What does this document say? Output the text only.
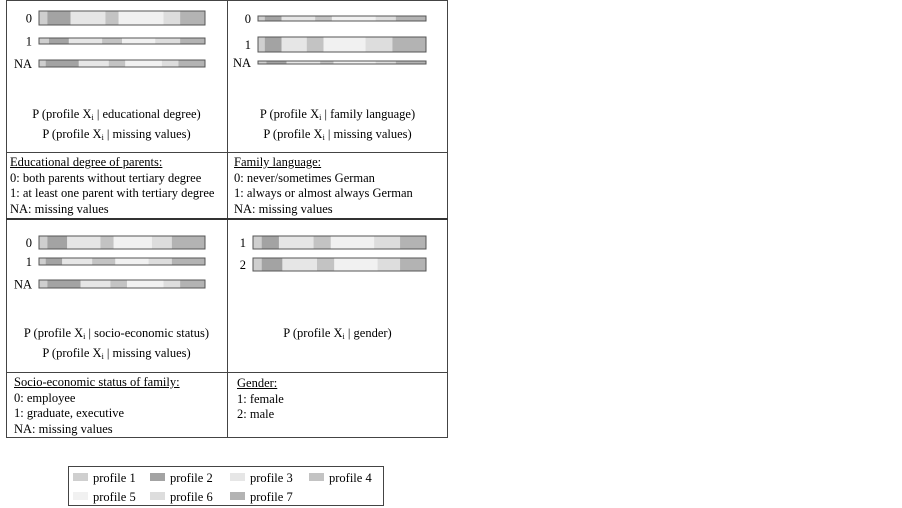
0
1
NA
P (profile $X_i$ | educational degree)
P (profile $X_i$ | missing values)
Educational degree of parents:
0: both parents without tertiary degree
1: at least one parent with tertiary degree
NA: missing values
0
1
NA
P (profile $X_i$ | family language)
P (profile $X_i$ | missing values)
Family language:
0: never/sometimes German
1: always or almost always German
NA: missing values
0
1
NA
P (profile $X_i$ | socio-economic status)
P (profile $X_i$ | missing values)
Socio-economic status of family:
0: employee
1: graduate, executive
NA: missing values
1
2
P (profile $X_i$ | gender)
Gender:
1: female
2: male
profile 1	profile 2	profile 3	profile 4
profile 5	profile 6	profile 7
